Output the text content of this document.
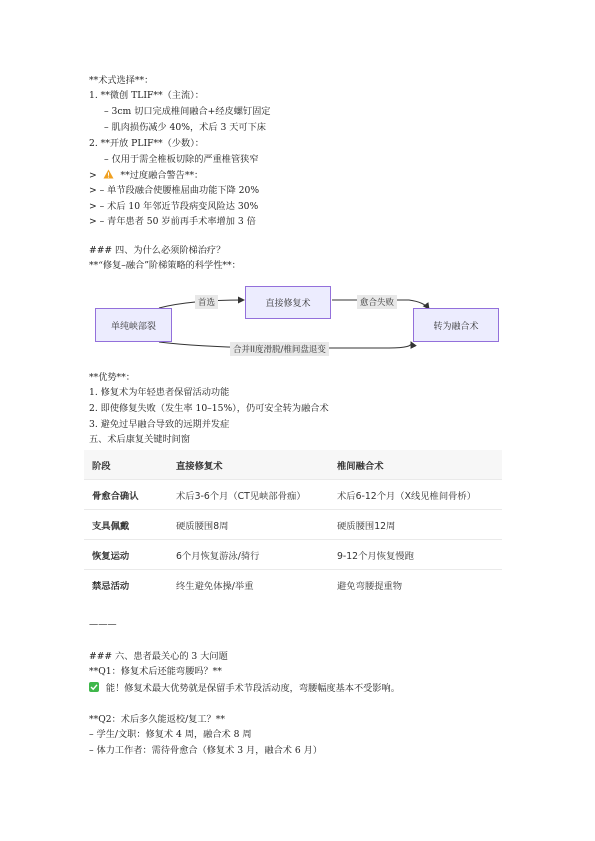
**术式选择**：
1. **微创 TLIF**（主流）：
– 3cm 切口完成椎间融合+经皮螺钉固定
– 肌肉损伤减少 40%，术后 3 天可下床
2. **开放 PLIF**（少数）：
– 仅用于需全椎板切除的严重椎管狭窄
>	**过度融合警告**：
> – 单节段融合使腰椎屈曲功能下降 20%
> – 术后 10 年邻近节段病变风险达 30%
> – 青年患者 50 岁前再手术率增加 3 倍
### 四、为什么必须阶梯治疗？
**“修复–融合”阶梯策略的科学性**：
单纯峡部裂
直接修复术
转为融合术
首选	愈合失败
合并II度滑脱/椎间盘退变
**优势**：
1. 修复术为年轻患者保留活动功能
2. 即使修复失败（发生率 10–15%），仍可安全转为融合术
3. 避免过早融合导致的远期并发症
五、术后康复关键时间窗
阶段	直接修复术	椎间融合术
骨愈合确认	术后3-6个月（CT见峡部骨痂）	术后6-12个月（X线见椎间骨桥）
支具佩戴	硬质腰围8周	硬质腰围12周
恢复运动	6个月恢复游泳/骑行	9-12个月恢复慢跑
禁忌活动	终生避免体操/举重	避免弯腰提重物
———
### 六、患者最关心的 3 大问题
**Q1：修复术后还能弯腰吗？**
能！修复术最大优势就是保留手术节段活动度，弯腰幅度基本不受影响。
**Q2：术后多久能返校/复工？**
– 学生/文职：修复术 4 周，融合术 8 周
– 体力工作者：需待骨愈合（修复术 3 月，融合术 6 月）
